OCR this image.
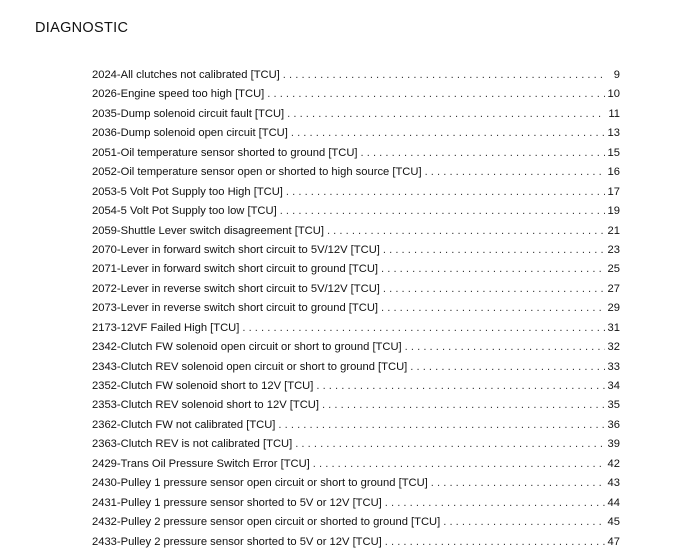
DIAGNOSTIC
2024-All clutches not calibrated [TCU] . . .	9
2026-Engine speed too high [TCU] . . .	10
2035-Dump solenoid circuit fault [TCU] . . .	11
2036-Dump solenoid open circuit [TCU] . . .	13
2051-Oil temperature sensor shorted to ground [TCU] . . .	15
2052-Oil temperature sensor open or shorted to high source [TCU] . . .	16
2053-5 Volt Pot Supply too High [TCU] . . .	17
2054-5 Volt Pot Supply too low [TCU] . . .	19
2059-Shuttle Lever switch disagreement [TCU] . . .	21
2070-Lever in forward switch short circuit to 5V/12V [TCU] . . .	23
2071-Lever in forward switch short circuit to ground [TCU] . . .	25
2072-Lever in reverse switch short circuit to 5V/12V [TCU] . . .	27
2073-Lever in reverse switch short circuit to ground [TCU] . . .	29
2173-12VF Failed High [TCU] . . .	31
2342-Clutch FW solenoid open circuit or short to ground [TCU] . . .	32
2343-Clutch REV solenoid open circuit or short to ground [TCU] . . .	33
2352-Clutch FW solenoid short to 12V [TCU] . . .	34
2353-Clutch REV solenoid short to 12V [TCU] . . .	35
2362-Clutch FW not calibrated [TCU] . . .	36
2363-Clutch REV is not calibrated [TCU] . . .	39
2429-Trans Oil Pressure Switch Error [TCU] . . .	42
2430-Pulley 1 pressure sensor open circuit or short to ground [TCU] . . .	43
2431-Pulley 1 pressure sensor shorted to 5V or 12V [TCU] . . .	44
2432-Pulley 2 pressure sensor open circuit or shorted to ground [TCU] . . .	45
2433-Pulley 2 pressure sensor shorted to 5V or 12V [TCU] . . .	47
